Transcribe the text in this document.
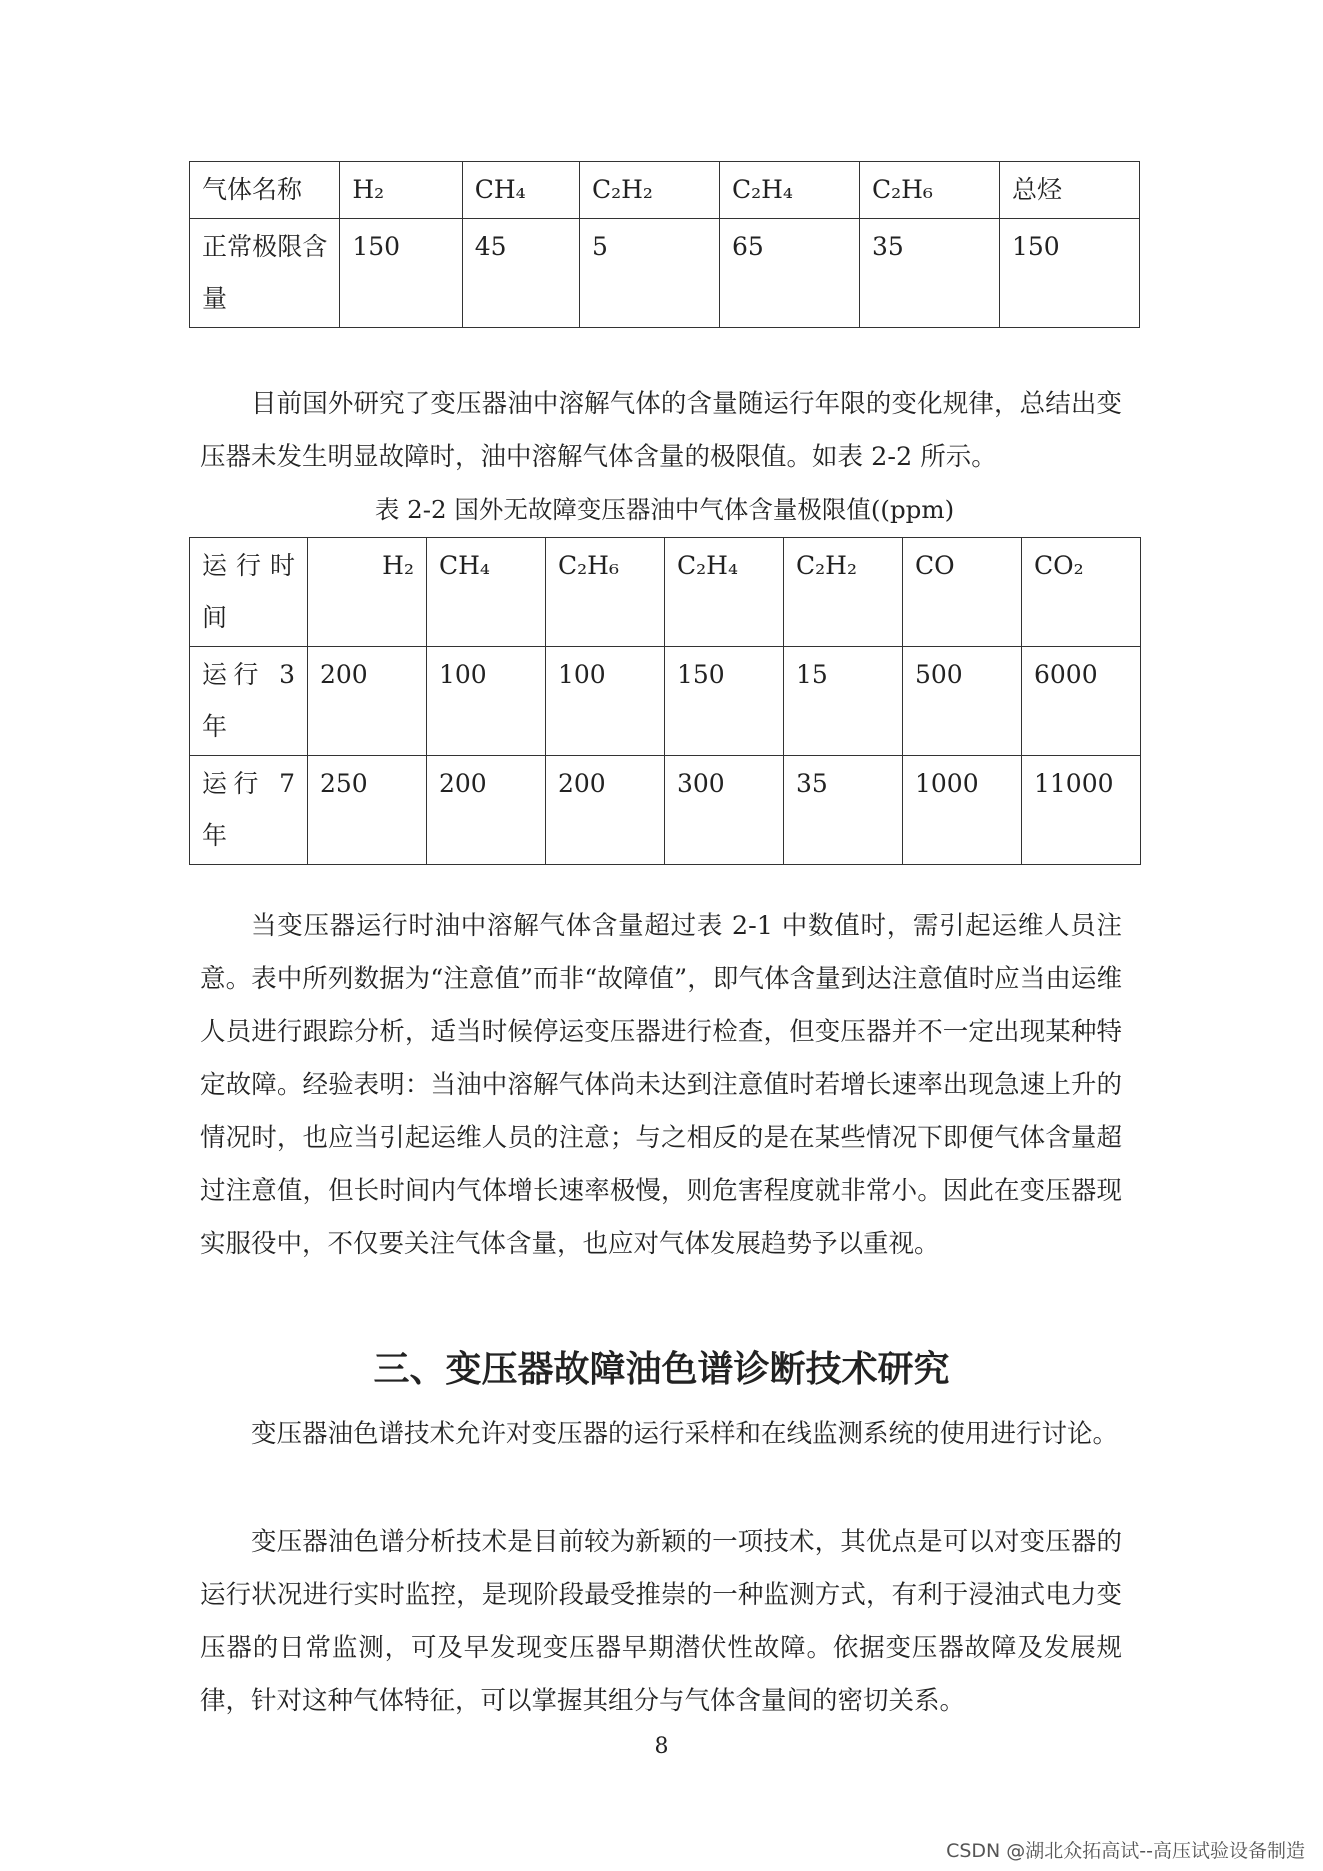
气体名称	H₂	CH₄	C₂H₂	C₂H₄	C₂H₆	总烃
正常极限含量	150	45	5	65	35	150

目前国外研究了变压器油中溶解气体的含量随运行年限的变化规律，总结出变压器未发生明显故障时，油中溶解气体含量的极限值。如表 2-2 所示。

表 2-2 国外无故障变压器油中气体含量极限值((ppm)

运行时间	H₂	CH₄	C₂H₆	C₂H₄	C₂H₂	CO	CO₂
运行 3 年	200	100	100	150	15	500	6000
运行 7 年	250	200	200	300	35	1000	11000

当变压器运行时油中溶解气体含量超过表 2-1 中数值时，需引起运维人员注意。表中所列数据为“注意值”而非“故障值”，即气体含量到达注意值时应当由运维人员进行跟踪分析，适当时候停运变压器进行检查，但变压器并不一定出现某种特定故障。经验表明：当油中溶解气体尚未达到注意值时若增长速率出现急速上升的情况时，也应当引起运维人员的注意；与之相反的是在某些情况下即便气体含量超过注意值，但长时间内气体增长速率极慢，则危害程度就非常小。因此在变压器现实服役中，不仅要关注气体含量，也应对气体发展趋势予以重视。

三、变压器故障油色谱诊断技术研究

变压器油色谱技术允许对变压器的运行采样和在线监测系统的使用进行讨论。

变压器油色谱分析技术是目前较为新颖的一项技术，其优点是可以对变压器的运行状况进行实时监控，是现阶段最受推崇的一种监测方式，有利于浸油式电力变压器的日常监测，可及早发现变压器早期潜伏性故障。依据变压器故障及发展规律，针对这种气体特征，可以掌握其组分与气体含量间的密切关系。

8

CSDN @湖北众拓高试--高压试验设备制造
